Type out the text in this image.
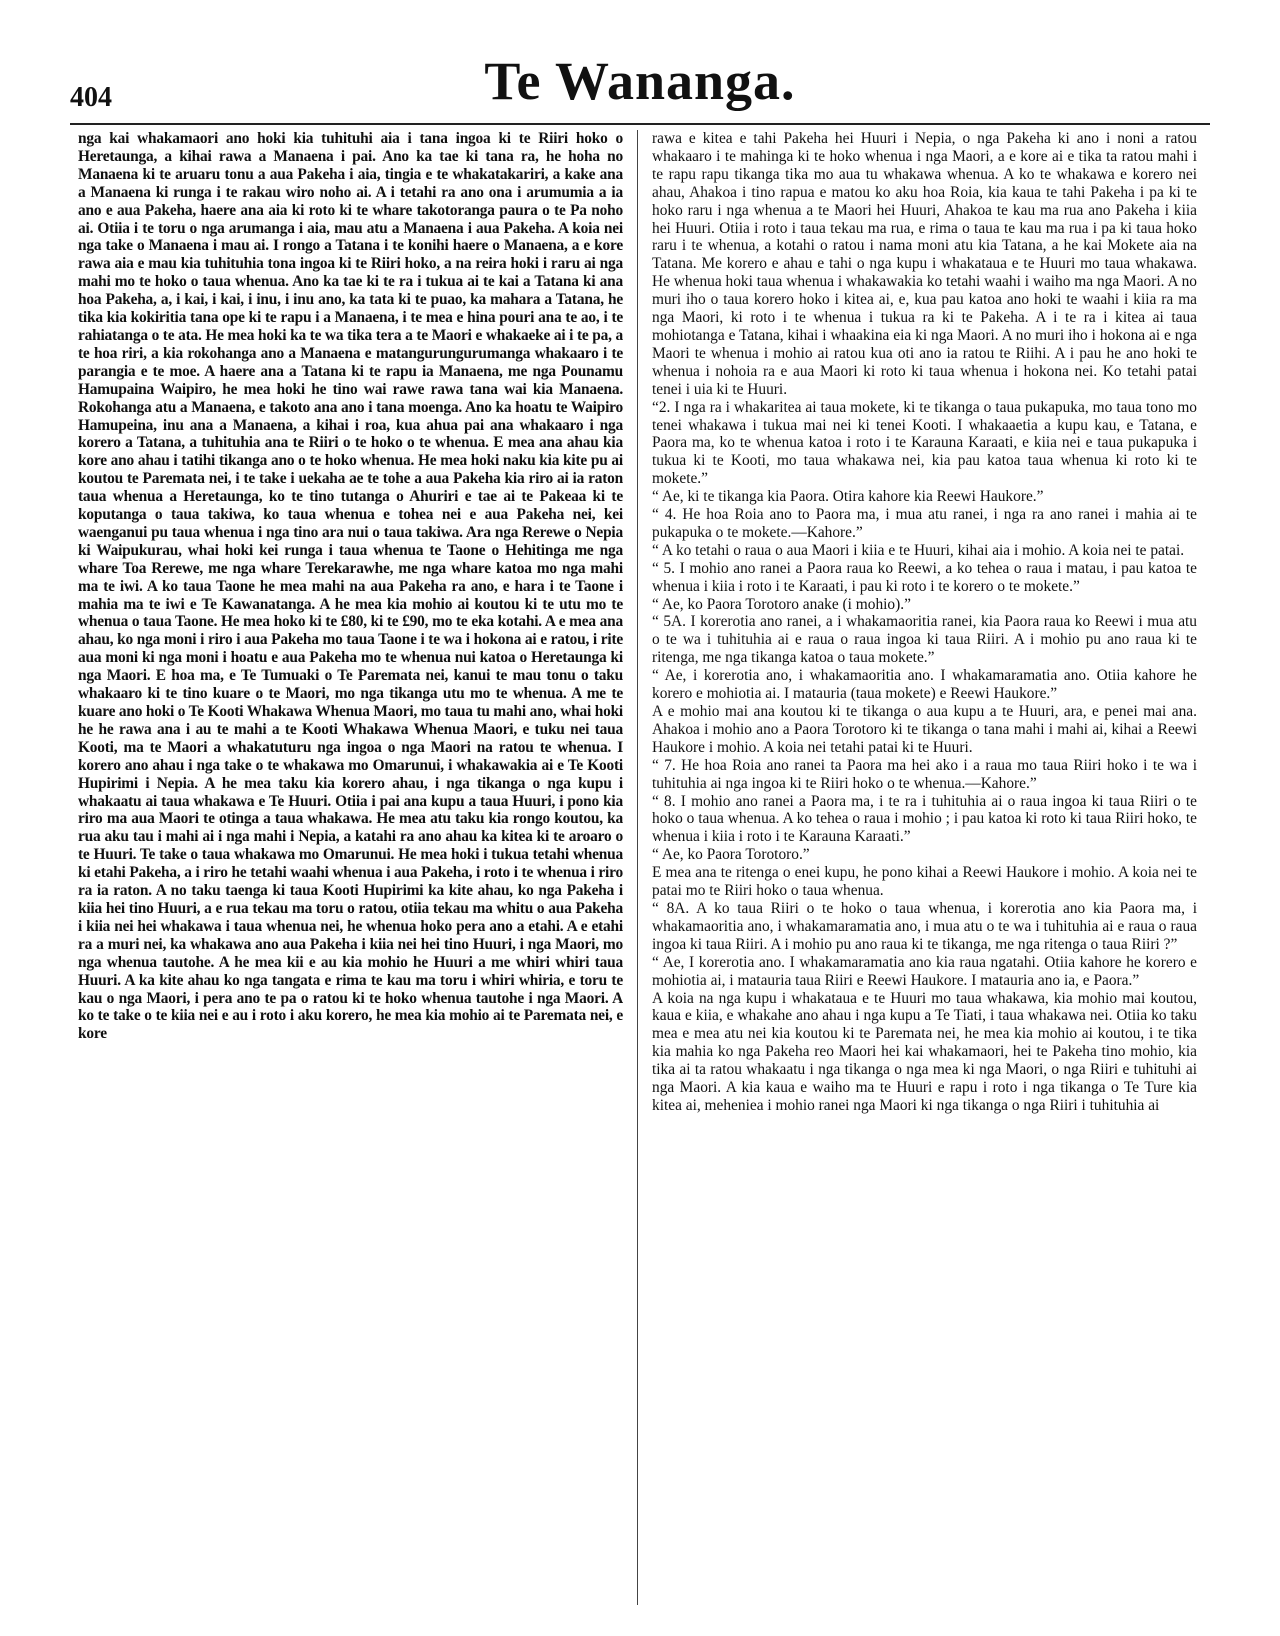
404	Te Wananga.

nga kai whakamaori ano hoki kia tuhituhi aia i tana ingoa ki te Riiri hoko o Heretaunga, a kihai rawa a Manaena i pai. Ano ka tae ki tana ra, he hoha no Manaena ki te aruaru tonu a aua Pakeha i aia, tingia e te whakatakariri, a kake ana a Manaena ki runga i te rakau wiro noho ai. A i tetahi ra ano ona i arumumia a ia ano e aua Pakeha, haere ana aia ki roto ki te whare takotoranga paura o te Pa noho ai. Otiia i te toru o nga arumanga i aia, mau atu a Manaena i aua Pakeha. A koia nei nga take o Manaena i mau ai. I rongo a Tatana i te konihi haere o Manaena, a e kore rawa aia e mau kia tuhituhia tona ingoa ki te Riiri hoko, a na reira hoki i raru ai nga mahi mo te hoko o taua whenua. Ano ka tae ki te ra i tukua ai te kai a Tatana ki ana hoa Pakeha, a, i kai, i kai, i inu, i inu ano, ka tata ki te puao, ka mahara a Tatana, he tika kia kokiritia tana ope ki te rapu i a Manaena, i te mea e hina pouri ana te ao, i te rahiatanga o te ata. He mea hoki ka te wa tika tera a te Maori e whakaeke ai i te pa, a te hoa riri, a kia rokohanga ano a Manaena e matangurungurumanga whakaaro i te parangia e te moe. A haere ana a Tatana ki te rapu ia Manaena, me nga Pounamu Hamupaina Waipiro, he mea hoki he tino wai rawe rawa tana wai kia Manaena. Rokohanga atu a Manaena, e takoto ana ano i tana moenga. Ano ka hoatu te Waipiro Hamupeina, inu ana a Manaena, a kihai i roa, kua ahua pai ana whakaaro i nga korero a Tatana, a tuhituhia ana te Riiri o te hoko o te whenua. E mea ana ahau kia kore ano ahau i tatihi tikanga ano o te hoko whenua. He mea hoki naku kia kite pu ai koutou te Paremata nei, i te take i uekaha ae te tohe a aua Pakeha kia riro ai ia raton taua whenua a Heretaunga, ko te tino tutanga o Ahuriri e tae ai te Pakeaa ki te koputanga o taua takiwa, ko taua whenua e tohea nei e aua Pakeha nei, kei waenganui pu taua whenua i nga tino ara nui o taua takiwa. Ara nga Rerewe o Nepia ki Waipukurau, whai hoki kei runga i taua whenua te Taone o Hehitinga me nga whare Toa Rerewe, me nga whare Terekarawhe, me nga whare katoa mo nga mahi ma te iwi. A ko taua Taone he mea mahi na aua Pakeha ra ano, e hara i te Taone i mahia ma te iwi e Te Kawanatanga. A he mea kia mohio ai koutou ki te utu mo te whenua o taua Taone. He mea hoko ki te £80, ki te £90, mo te eka kotahi. A e mea ana ahau, ko nga moni i riro i aua Pakeha mo taua Taone i te wa i hokona ai e ratou, i rite aua moni ki nga moni i hoatu e aua Pakeha mo te whenua nui katoa o Heretaunga ki nga Maori. E hoa ma, e Te Tumuaki o Te Paremata nei, kanui te mau tonu o taku whakaaro ki te tino kuare o te Maori, mo nga tikanga utu mo te whenua. A me te kuare ano hoki o Te Kooti Whakawa Whenua Maori, mo taua tu mahi ano, whai hoki he he rawa ana i au te mahi a te Kooti Whakawa Whenua Maori, e tuku nei taua Kooti, ma te Maori a whakatuturu nga ingoa o nga Maori na ratou te whenua. I korero ano ahau i nga take o te whakawa mo Omarunui, i whakawakia ai e Te Kooti Hupirimi i Nepia. A he mea taku kia korero ahau, i nga tikanga o nga kupu i whakaatu ai taua whakawa e Te Huuri. Otiia i pai ana kupu a taua Huuri, i pono kia riro ma aua Maori te otinga a taua whakawa. He mea atu taku kia rongo koutou, ka rua aku tau i mahi ai i nga mahi i Nepia, a katahi ra ano ahau ka kitea ki te aroaro o te Huuri. Te take o taua whakawa mo Omarunui. He mea hoki i tukua tetahi whenua ki etahi Pakeha, a i riro he tetahi waahi whenua i aua Pakeha, i roto i te whenua i riro ra ia raton. A no taku taenga ki taua Kooti Hupirimi ka kite ahau, ko nga Pakeha i kiia hei tino Huuri, a e rua tekau ma toru o ratou, otiia tekau ma whitu o aua Pakeha i kiia nei hei whakawa i taua whenua nei, he whenua hoko pera ano a etahi. A e etahi ra a muri nei, ka whakawa ano aua Pakeha i kiia nei hei tino Huuri, i nga Maori, mo nga whenua tautohe. A he mea kii e au kia mohio he Huuri a me whiri whiri taua Huuri. A ka kite ahau ko nga tangata e rima te kau ma toru i whiri whiria, e toru te kau o nga Maori, i pera ano te pa o ratou ki te hoko whenua tautohe i nga Maori. A ko te take o te kiia nei e au i roto i aku korero, he mea kia mohio ai te Paremata nei, e kore

rawa e kitea e tahi Pakeha hei Huuri i Nepia, o nga Pakeha ki ano i noni a ratou whakaaro i te mahinga ki te hoko whenua i nga Maori, a e kore ai e tika ta ratou mahi i te rapu rapu tikanga tika mo aua tu whakawa whenua. A ko te whakawa e korero nei ahau, Ahakoa i tino rapua e matou ko aku hoa Roia, kia kaua te tahi Pakeha i pa ki te hoko raru i nga whenua a te Maori hei Huuri, Ahakoa te kau ma rua ano Pakeha i kiia hei Huuri. Otiia i roto i taua tekau ma rua, e rima o taua te kau ma rua i pa ki taua hoko raru i te whenua, a kotahi o ratou i nama moni atu kia Tatana, a he kai Mokete aia na Tatana. Me korero e ahau e tahi o nga kupu i whakataua e te Huuri mo taua whakawa. He whenua hoki taua whenua i whakawakia ko tetahi waahi i waiho ma nga Maori. A no muri iho o taua korero hoko i kitea ai, e, kua pau katoa ano hoki te waahi i kiia ra ma nga Maori, ki roto i te whenua i tukua ra ki te Pakeha. A i te ra i kitea ai taua mohiotanga e Tatana, kihai i whaakina eia ki nga Maori. A no muri iho i hokona ai e nga Maori te whenua i mohio ai ratou kua oti ano ia ratou te Riihi. A i pau he ano hoki te whenua i nohoia ra e aua Maori ki roto ki taua whenua i hokona nei. Ko tetahi patai tenei i uia ki te Huuri.

“2. I nga ra i whakaritea ai taua mokete, ki te tikanga o taua pukapuka, mo taua tono mo tenei whakawa i tukua mai nei ki tenei Kooti. I whakaaetia a kupu kau, e Tatana, e Paora ma, ko te whenua katoa i roto i te Karauna Karaati, e kiia nei e taua pukapuka i tukua ki te Kooti, mo taua whakawa nei, kia pau katoa taua whenua ki roto ki te mokete.”

“ Ae, ki te tikanga kia Paora. Otira kahore kia Reewi Haukore.”

“ 4. He hoa Roia ano to Paora ma, i mua atu ranei, i nga ra ano ranei i mahia ai te pukapuka o te mokete.—Kahore.”

“ A ko tetahi o raua o aua Maori i kiia e te Huuri, kihai aia i mohio. A koia nei te patai.

“ 5. I mohio ano ranei a Paora raua ko Reewi, a ko tehea o raua i matau, i pau katoa te whenua i kiia i roto i te Karaati, i pau ki roto i te korero o te mokete.”

“ Ae, ko Paora Torotoro anake (i mohio).”

“ 5A. I korerotia ano ranei, a i whakamaoritia ranei, kia Paora raua ko Reewi i mua atu o te wa i tuhituhia ai e raua o raua ingoa ki taua Riiri. A i mohio pu ano raua ki te ritenga, me nga tikanga katoa o taua mokete.”

“ Ae, i korerotia ano, i whakamaoritia ano. I whakamaramatia ano. Otiia kahore he korero e mohiotia ai. I matauria (taua mokete) e Reewi Haukore.”

A e mohio mai ana koutou ki te tikanga o aua kupu a te Huuri, ara, e penei mai ana. Ahakoa i mohio ano a Paora Torotoro ki te tikanga o tana mahi i mahi ai, kihai a Reewi Haukore i mohio. A koia nei tetahi patai ki te Huuri.

“ 7. He hoa Roia ano ranei ta Paora ma hei ako i a raua mo taua Riiri hoko i te wa i tuhituhia ai nga ingoa ki te Riiri hoko o te whenua.—Kahore.”

“ 8. I mohio ano ranei a Paora ma, i te ra i tuhituhia ai o raua ingoa ki taua Riiri o te hoko o taua whenua. A ko tehea o raua i mohio ; i pau katoa ki roto ki taua Riiri hoko, te whenua i kiia i roto i te Karauna Karaati.”

“ Ae, ko Paora Torotoro.”

E mea ana te ritenga o enei kupu, he pono kihai a Reewi Haukore i mohio. A koia nei te patai mo te Riiri hoko o taua whenua.

“ 8A. A ko taua Riiri o te hoko o taua whenua, i korerotia ano kia Paora ma, i whakamaoritia ano, i whakamaramatia ano, i mua atu o te wa i tuhituhia ai e raua o raua ingoa ki taua Riiri. A i mohio pu ano raua ki te tikanga, me nga ritenga o taua Riiri ?”

“ Ae, I korerotia ano. I whakamaramatia ano kia raua ngatahi. Otiia kahore he korero e mohiotia ai, i matauria taua Riiri e Reewi Haukore. I matauria ano ia, e Paora.”

A koia na nga kupu i whakataua e te Huuri mo taua whakawa, kia mohio mai koutou, kaua e kiia, e whakahe ano ahau i nga kupu a Te Tiati, i taua whakawa nei. Otiia ko taku mea e mea atu nei kia koutou ki te Paremata nei, he mea kia mohio ai koutou, i te tika kia mahia ko nga Pakeha reo Maori hei kai whakamaori, hei te Pakeha tino mohio, kia tika ai ta ratou whakaatu i nga tikanga o nga mea ki nga Maori, o nga Riiri e tuhituhi ai nga Maori. A kia kaua e waiho ma te Huuri e rapu i roto i nga tikanga o Te Ture kia kitea ai, meheniea i mohio ranei nga Maori ki nga tikanga o nga Riiri i tuhituhia ai
